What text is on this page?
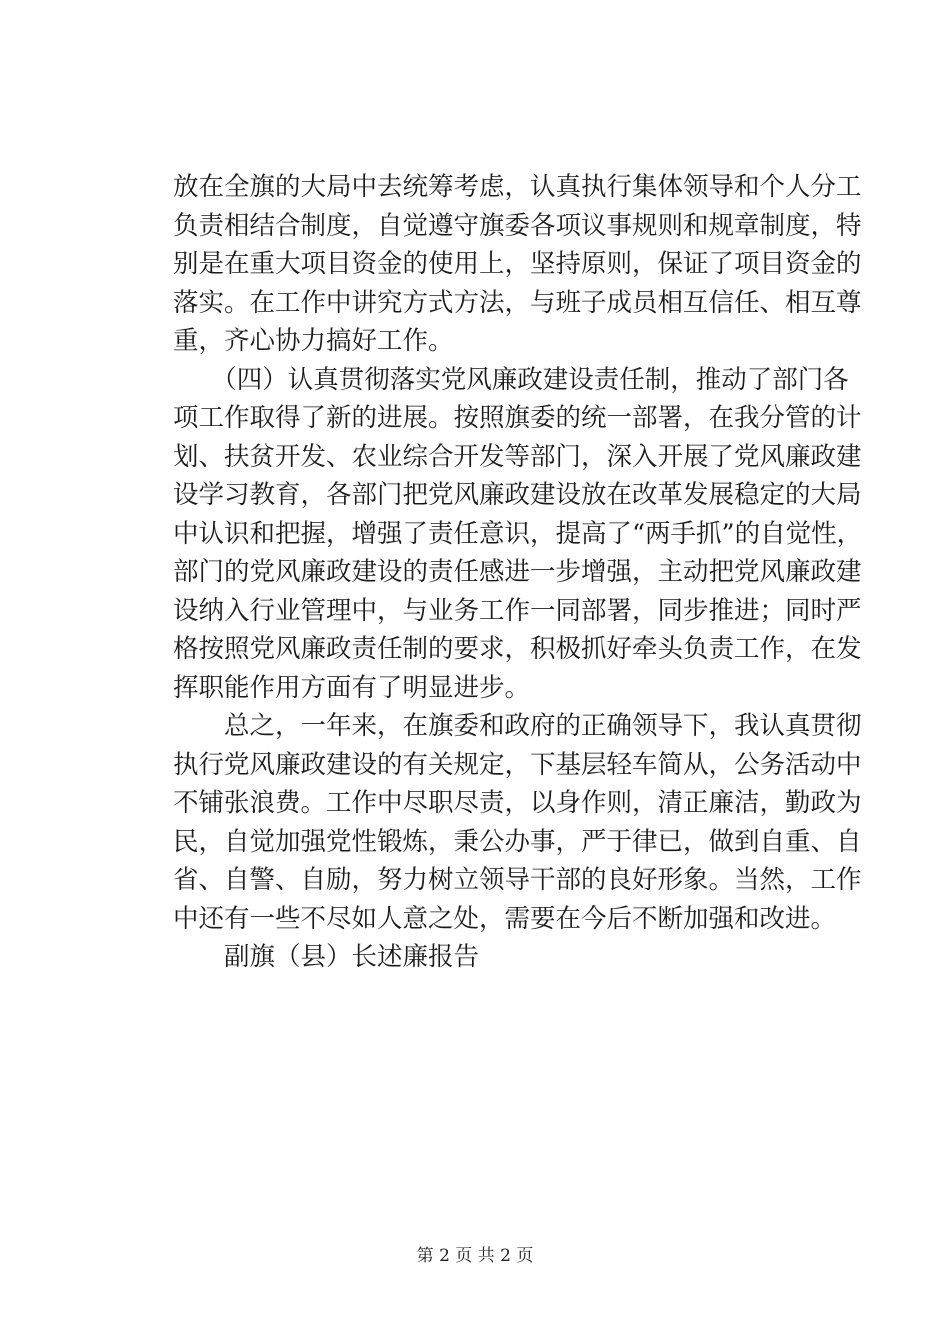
放在全旗的大局中去统筹考虑，认真执行集体领导和个人分工
负责相结合制度，自觉遵守旗委各项议事规则和规章制度，特
别是在重大项目资金的使用上，坚持原则，保证了项目资金的
落实。在工作中讲究方式方法，与班子成员相互信任、相互尊
重，齐心协力搞好工作。
　　（四）认真贯彻落实党风廉政建设责任制，推动了部门各
项工作取得了新的进展。按照旗委的统一部署，在我分管的计
划、扶贫开发、农业综合开发等部门，深入开展了党风廉政建
设学习教育，各部门把党风廉政建设放在改革发展稳定的大局
中认识和把握，增强了责任意识，提高了“两手抓”的自觉性，
部门的党风廉政建设的责任感进一步增强，主动把党风廉政建
设纳入行业管理中，与业务工作一同部署，同步推进；同时严
格按照党风廉政责任制的要求，积极抓好牵头负责工作，在发
挥职能作用方面有了明显进步。
　　总之，一年来，在旗委和政府的正确领导下，我认真贯彻
执行党风廉政建设的有关规定，下基层轻车简从，公务活动中
不铺张浪费。工作中尽职尽责，以身作则，清正廉洁，勤政为
民，自觉加强党性锻炼，秉公办事，严于律已，做到自重、自
省、自警、自励，努力树立领导干部的良好形象。当然，工作
中还有一些不尽如人意之处，需要在今后不断加强和改进。
　　副旗（县）长述廉报告
第 2 页 共 2 页
